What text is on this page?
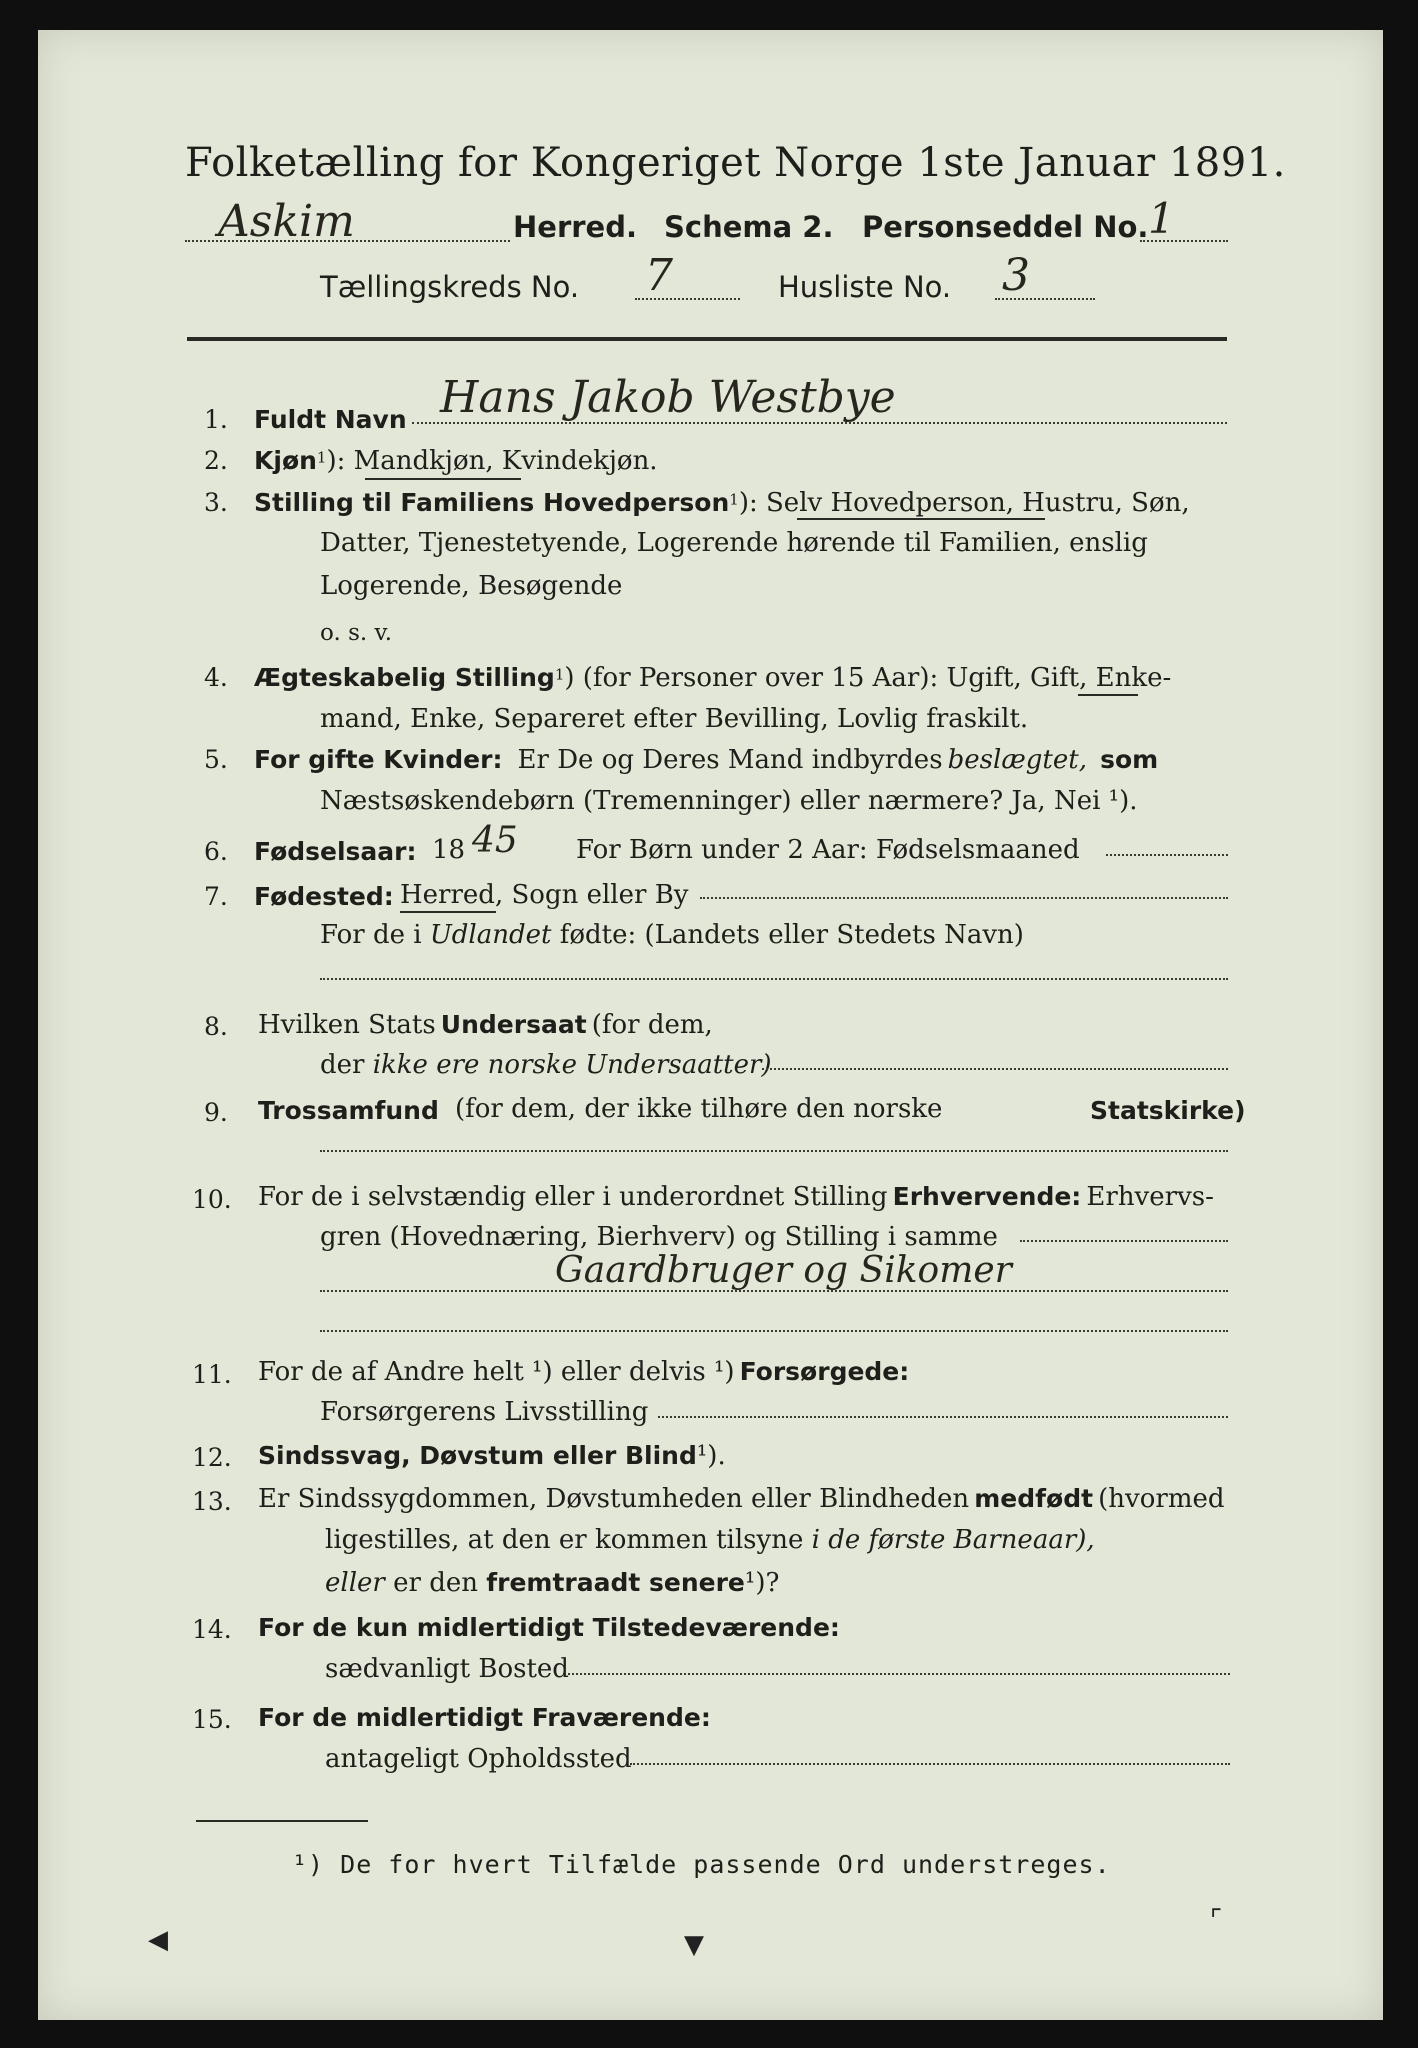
Folketælling for Kongeriget Norge 1ste Januar 1891.
Askim	Herred. Schema 2. Personseddel No. 1
Tællingskreds No. 7	Husliste No. 3
1. Fuldt Navn Hans Jakob Westbye
2. Kjøn$^1$): Mandkjøn, Kvindekjøn.
3. Stilling til Familiens Hovedperson$^1$): Selv Hovedperson, Hustru, Søn,
Datter, Tjenestetyende, Logerende hørende til Familien, enslig
Logerende, Besøgende
o. s. v.
4. Ægteskabelig Stilling$^1$) (for Personer over 15 Aar): Ugift, Gift, Enke-
mand, Enke, Separeret efter Bevilling, Lovlig fraskilt.
5. For gifte Kvinder: Er De og Deres Mand indbyrdes beslægtet, som
Næstsøskendebørn (Tremenninger) eller nærmere? Ja, Nei ¹).
6. Fødselsaar: 18 45 For Børn under 2 Aar: Fødselsmaaned
7. Fødested: Herred, Sogn eller By
For de i Udlandet fødte: (Landets eller Stedets Navn)
8. Hvilken Stats Undersaat (for dem,
der ikke ere norske Undersaatter)
9. Trossamfund (for dem, der ikke tilhøre den norske	Statskirke)
10. For de i selvstændig eller i underordnet Stilling Erhvervende: Erhvervs-
gren (Hovednæring, Bierhverv) og Stilling i samme
Gaardbruger og Sikomer
11. For de af Andre helt ¹) eller delvis ¹) Forsørgede:
Forsørgerens Livsstilling
12. Sindssvag, Døvstum eller Blind¹).
13. Er Sindssygdommen, Døvstumheden eller Blindheden medfødt (hvormed
ligestilles, at den er kommen tilsyne i de første Barneaar),
eller er den fremtraadt senere¹)?
14. For de kun midlertidigt Tilstedeværende:
sædvanligt Bosted
15. For de midlertidigt Fraværende:
antageligt Opholdssted
¹) De for hvert Tilfælde passende Ord understreges.
◀	▼
⌜
